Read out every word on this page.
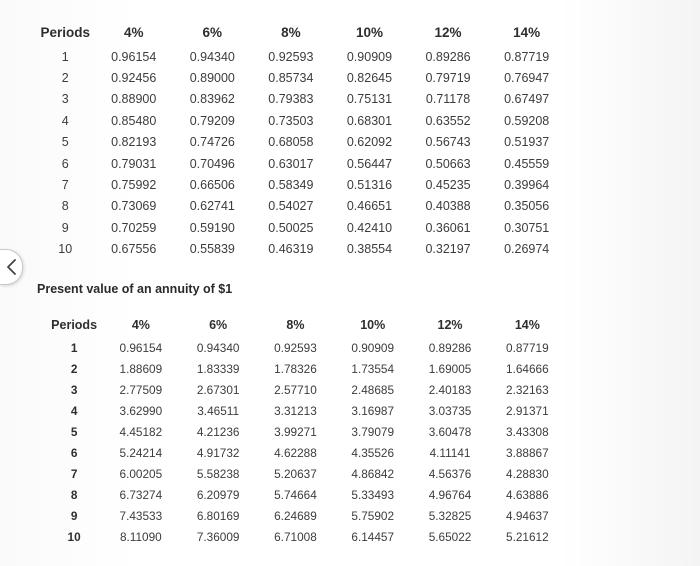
Periods	4%	6%	8%	10%	12%	14%
1	0.96154	0.94340	0.92593	0.90909	0.89286	0.87719
2	0.92456	0.89000	0.85734	0.82645	0.79719	0.76947
3	0.88900	0.83962	0.79383	0.75131	0.71178	0.67497
4	0.85480	0.79209	0.73503	0.68301	0.63552	0.59208
5	0.82193	0.74726	0.68058	0.62092	0.56743	0.51937
6	0.79031	0.70496	0.63017	0.56447	0.50663	0.45559
7	0.75992	0.66506	0.58349	0.51316	0.45235	0.39964
8	0.73069	0.62741	0.54027	0.46651	0.40388	0.35056
9	0.70259	0.59190	0.50025	0.42410	0.36061	0.30751
10	0.67556	0.55839	0.46319	0.38554	0.32197	0.26974
Present value of an annuity of $1
Periods	4%	6%	8%	10%	12%	14%
1	0.96154	0.94340	0.92593	0.90909	0.89286	0.87719
2	1.88609	1.83339	1.78326	1.73554	1.69005	1.64666
3	2.77509	2.67301	2.57710	2.48685	2.40183	2.32163
4	3.62990	3.46511	3.31213	3.16987	3.03735	2.91371
5	4.45182	4.21236	3.99271	3.79079	3.60478	3.43308
6	5.24214	4.91732	4.62288	4.35526	4.11141	3.88867
7	6.00205	5.58238	5.20637	4.86842	4.56376	4.28830
8	6.73274	6.20979	5.74664	5.33493	4.96764	4.63886
9	7.43533	6.80169	6.24689	5.75902	5.32825	4.94637
10	8.11090	7.36009	6.71008	6.14457	5.65022	5.21612
